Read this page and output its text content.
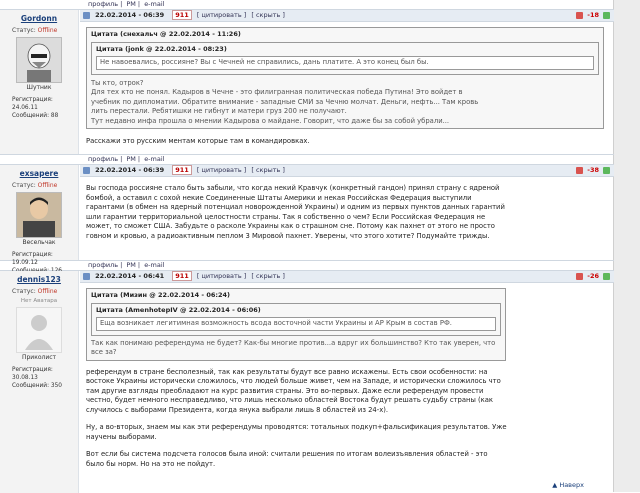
профиль | PM | e-mail
Gordonn
Статус: Offline
Шутник
Регистрация: 24.06.11
Сообщений: 88
22.02.2014 - 06:39 911 [ цитировать ] [ скрыть ]	-18
Цитата (снехальч @ 22.02.2014 - 11:26)
Цитата (jonk @ 22.02.2014 - 08:23)
Не навоевались, россияне? Вы с Чечней не справились, дань платите. А это конец был бы.
Ты кто, отрок?
Для тех кто не понял. Кадыров в Чечне - это филигранная политическая победа Путина! Это войдет в
учебник по дипломатии. Обратите внимание - западные СМИ за Чечню молчат. Деньги, нефть... Там кровь
лить перестали. Ребятишки не гибнут и матери груз 200 не получают.
Тут недавно инфа прошла о мнении Кадырова о майдане. Говорит, что даже бы за собой убрали...
Расскажи это русским ментам которые там в командировках.
профиль | PM | e-mail
exsapere
Статус: Offline
Весельчак
Регистрация: 19.09.12
22.02.2014 - 06:39 911 [ цитировать ] [ скрыть ]	-38
Вы господа россияне стало быть забыли, что когда некий Кравчук (конкретный гандон) принял страну с ядреной
бомбой, а оставил с сохой некие Соединенные Штаты Америки и некая Российская Федерация выступили
гарантами (в обмен на ядерный потенциал новорожденной Украины) и одним из первых пунктов данных гарантий
шли гарантии территориальной целостности страны. Так я собственно о чем? Если Российская Федерация не
может, то сможет США. Забудьте о расколе Украины как о страшном сне. Потому как пахнет от этого не просто
говном и кровью, а радиоактивным пеплом 3 Мировой пахнет. Уверены, что этого хотите? Подумайте трижды.
профиль | PM | e-mail
dennis123
Статус: Offline
Нет Аватара
Приколист
Регистрация: 30.08.13
Сообщений: 350
22.02.2014 - 06:41 911 [ цитировать ] [ скрыть ]	-26
Цитата (Мизин @ 22.02.2014 - 06:24)
Цитата (AmenhotepIV @ 22.02.2014 - 06:06)
Еща возникает легитимная возможность всода восточной части Украины и АР Крым в состав РФ.
Так как понимаю референдума не будет? Как-бы многие против...а вдруг их большинство? Кто так уверен, что
все за?
референдум в стране бесполезный, так как результаты будут все равно искажены. Есть свои особенности: на
востоке Украины исторически сложилось, что людей больше живет, чем на Западе, и исторически сложилось что
там другие взгляды преобладают на курс развития страны. Это во-первых. Даже если референдум провести
честно, будет немного несправедливо, что лишь несколько областей Востока будут решать судьбу страны (как
случилось с выборами Президента, когда янука выбрали лишь 8 областей из 24-х).
Ну, а во-вторых, знаем мы как эти референдумы проводятся: тотальных подкуп+фальсификация результатов. Уже
научены выборами.
Вот если бы система подсчета голосов была иной: считали решения по итогам волеизъявления областей - это
было бы норм. Но на это не пойдут.
▲ Наверх
